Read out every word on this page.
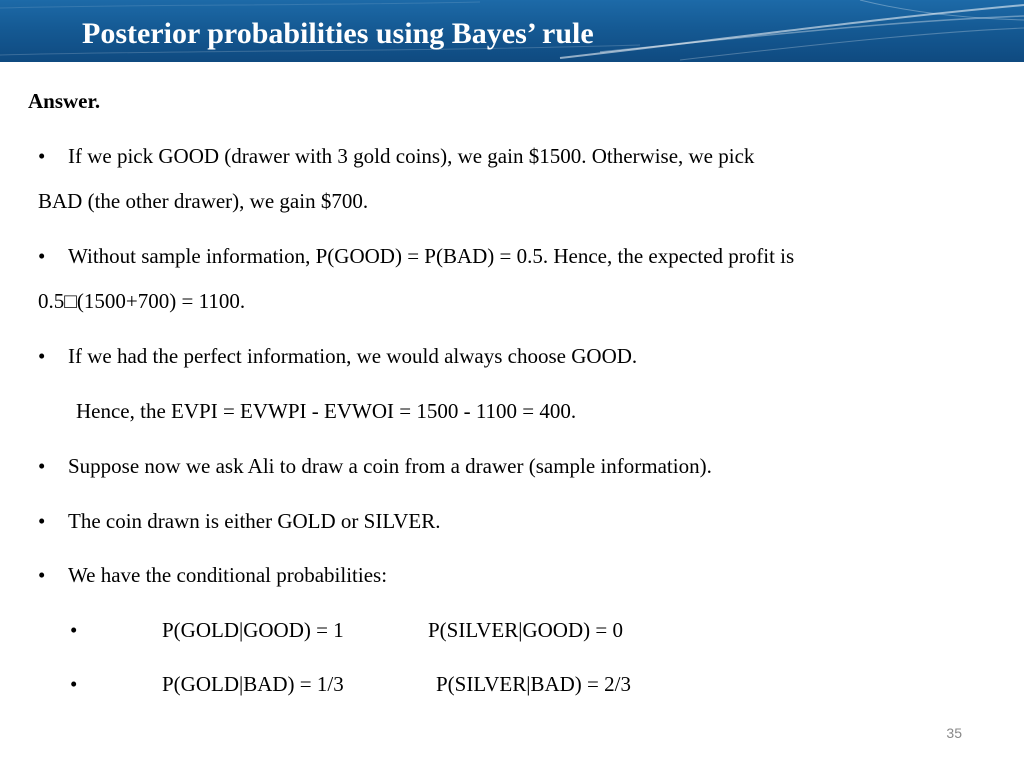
Posterior probabilities using Bayes’ rule
Answer.
• If we pick GOOD (drawer with 3 gold coins), we gain $1500. Otherwise, we pick
BAD (the other drawer), we gain $700.
• Without sample information, P(GOOD) = P(BAD) = 0.5. Hence, the expected profit is
0.5□(1500+700) = 1100.
• If we had the perfect information, we would always choose GOOD.
Hence, the EVPI = EVWPI - EVWOI = 1500 - 1100 = 400.
• Suppose now we ask Ali to draw a coin from a drawer (sample information).
• The coin drawn is either GOLD or SILVER.
• We have the conditional probabilities:
•	P(GOLD|GOOD) = 1	P(SILVER|GOOD) = 0
•	P(GOLD|BAD) = 1/3	P(SILVER|BAD) = 2/3
35
